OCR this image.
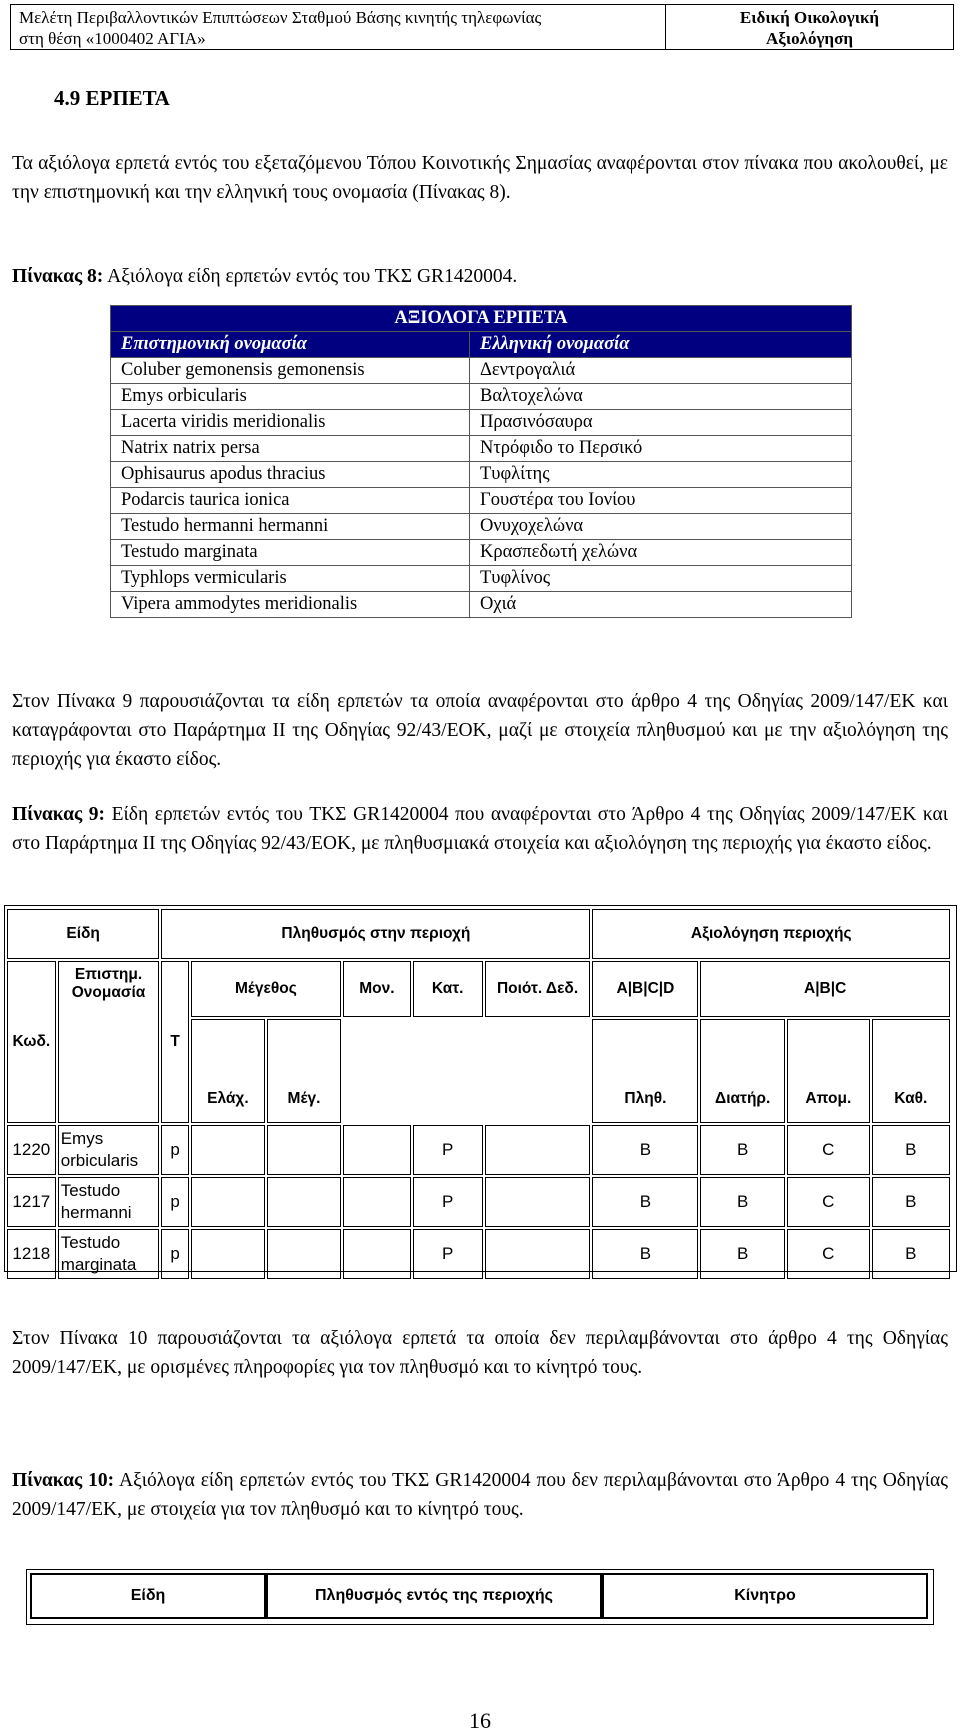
Μελέτη Περιβαλλοντικών Επιπτώσεων Σταθμού Βάσης κινητής τηλεφωνίας
στη θέση «1000402 ΑΓΙΑ»
Ειδική Οικολογική
Αξιολόγηση
4.9 ΕΡΠΕΤΑ
Τα αξιόλογα ερπετά εντός του εξεταζόμενου Τόπου Κοινοτικής Σημασίας αναφέρονται στον πίνακα που ακολουθεί, με την επιστημονική και την ελληνική τους ονομασία (Πίνακας 8).
Πίνακας 8: Αξιόλογα είδη ερπετών εντός του ΤΚΣ GR1420004.
ΑΞΙΟΛΟΓΑ ΕΡΠΕΤΑ	
Επιστημονική ονομασία	Ελληνική ονομασία
Coluber gemonensis gemonensis	Δεντρογαλιά
Emys orbicularis	Βαλτοχελώνα
Lacerta viridis meridionalis	Πρασινόσαυρα
Natrix natrix persa	Ντρόφιδο το Περσικό
Ophisaurus apodus thracius	Τυφλίτης
Podarcis taurica ionica	Γουστέρα του Ιονίου
Testudo hermanni hermanni	Ονυχοχελώνα
Testudo marginata	Κρασπεδωτή χελώνα
Typhlops vermicularis	Τυφλίνος
Vipera ammodytes meridionalis	Οχιά
Στον Πίνακα 9 παρουσιάζονται τα είδη ερπετών τα οποία αναφέρονται στο άρθρο 4 της Οδηγίας 2009/147/ΕΚ και καταγράφονται στο Παράρτημα ΙΙ της Οδηγίας 92/43/ΕΟΚ, μαζί με στοιχεία πληθυσμού και με την αξιολόγηση της περιοχής για έκαστο είδος.
Πίνακας 9: Είδη ερπετών εντός του ΤΚΣ GR1420004 που αναφέρονται στο Άρθρο 4 της Οδηγίας 2009/147/ΕΚ και στο Παράρτημα ΙΙ της Οδηγίας 92/43/ΕΟΚ, με πληθυσμιακά στοιχεία και αξιολόγηση της περιοχής για έκαστο είδος.
Είδη		Πληθυσμός στην περιοχή						Αξιολόγηση περιοχής			
Κωδ.	Επιστημ. Ονομασία	T	Μέγεθος		Μον.	Κατ.	Ποιότ. Δεδ.	A|B|C|D	A|B|C		
			Ελάχ.	Μέγ.				Πληθ.	Διατήρ.	Απομ.	Καθ.
1220	Emys orbicularis	p				P		B	B	C	B
1217	Testudo hermanni	p				P		B	B	C	B
1218	Testudo marginata	p				P		B	B	C	B
Στον Πίνακα 10 παρουσιάζονται τα αξιόλογα ερπετά τα οποία δεν περιλαμβάνονται στο άρθρο 4 της Οδηγίας 2009/147/ΕΚ, με ορισμένες πληροφορίες για τον πληθυσμό και το κίνητρό τους.
Πίνακας 10: Αξιόλογα είδη ερπετών εντός του ΤΚΣ GR1420004 που δεν περιλαμβάνονται στο Άρθρο 4 της Οδηγίας 2009/147/ΕΚ, με στοιχεία για τον πληθυσμό και το κίνητρό τους.
Είδη	Πληθυσμός εντός της περιοχής	Κίνητρο
16
